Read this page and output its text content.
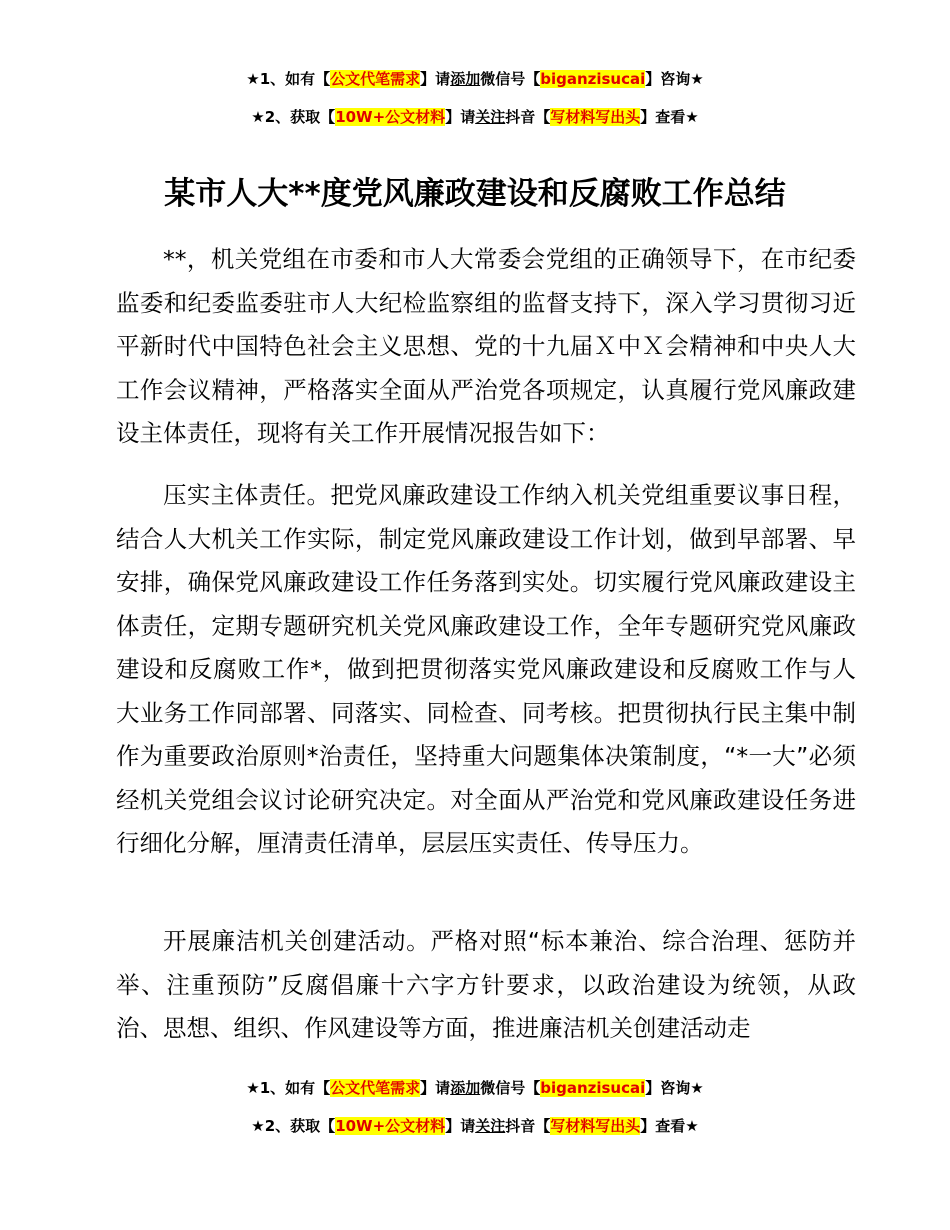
★1、如有【公文代笔需求】请添加微信号【biganzisucai】咨询★
★2、获取【10W+公文材料】请关注抖音【写材料写出头】查看★
某市人大**度党风廉政建设和反腐败工作总结

**，机关党组在市委和市人大常委会党组的正确领导下，在市纪委监委和纪委监委驻市人大纪检监察组的监督支持下，深入学习贯彻习近平新时代中国特色社会主义思想、党的十九届Ｘ中Ｘ会精神和中央人大工作会议精神，严格落实全面从严治党各项规定，认真履行党风廉政建设主体责任，现将有关工作开展情况报告如下：

压实主体责任。把党风廉政建设工作纳入机关党组重要议事日程，结合人大机关工作实际，制定党风廉政建设工作计划，做到早部署、早安排，确保党风廉政建设工作任务落到实处。切实履行党风廉政建设主体责任，定期专题研究机关党风廉政建设工作，全年专题研究党风廉政建设和反腐败工作*，做到把贯彻落实党风廉政建设和反腐败工作与人大业务工作同部署、同落实、同检查、同考核。把贯彻执行民主集中制作为重要政治原则*治责任，坚持重大问题集体决策制度，“*一大”必须经机关党组会议讨论研究决定。对全面从严治党和党风廉政建设任务进行细化分解，厘清责任清单，层层压实责任、传导压力。

开展廉洁机关创建活动。严格对照“标本兼治、综合治理、惩防并举、注重预防”反腐倡廉十六字方针要求，以政治建设为统领，从政治、思想、组织、作风建设等方面，推进廉洁机关创建活动走

★1、如有【公文代笔需求】请添加微信号【biganzisucai】咨询★
★2、获取【10W+公文材料】请关注抖音【写材料写出头】查看★
